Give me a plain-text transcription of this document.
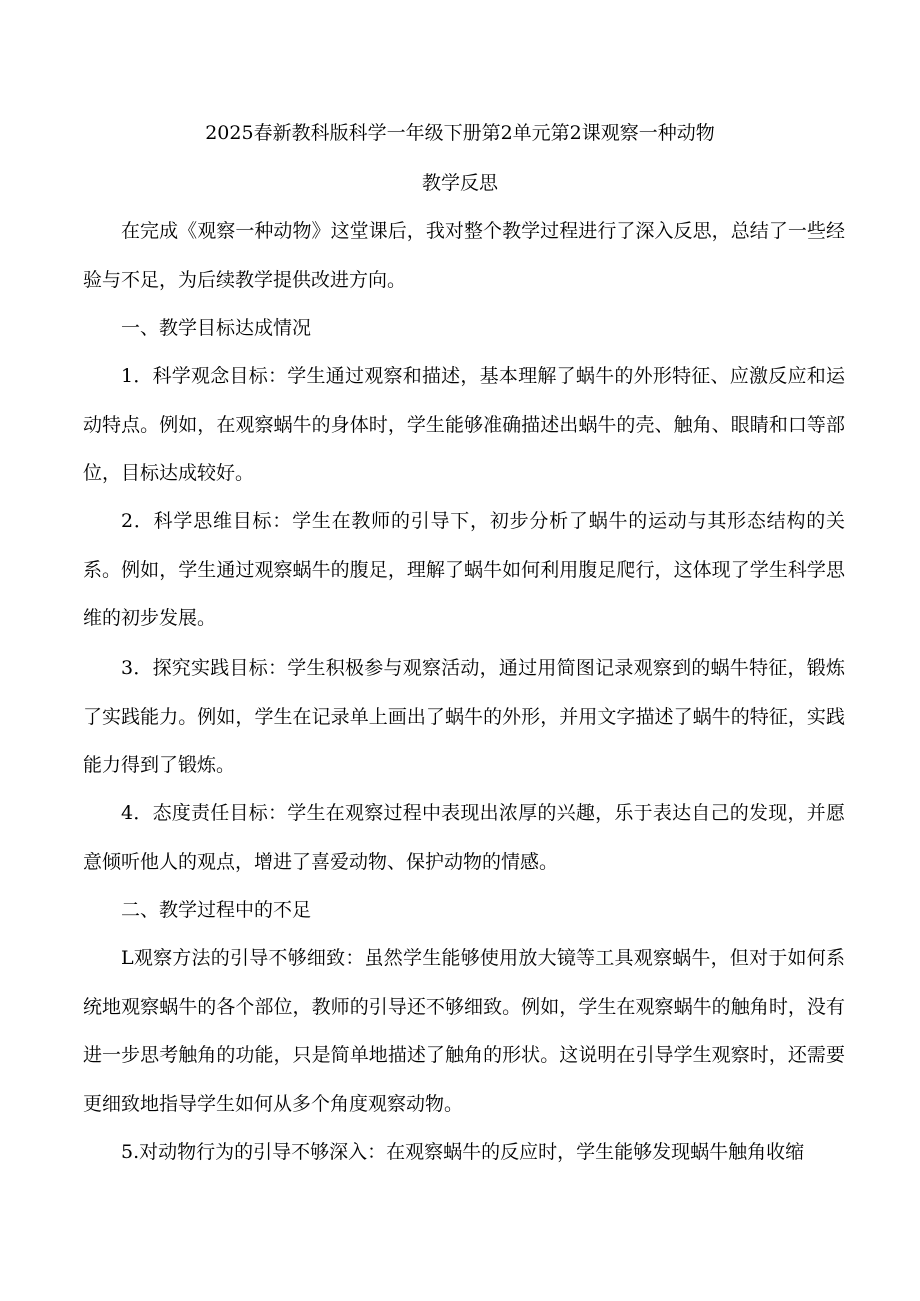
2025春新教科版科学一年级下册第2单元第2课观察一种动物
教学反思
在完成《观察一种动物》这堂课后，我对整个教学过程进行了深入反思，总结了一些经验与不足，为后续教学提供改进方向。
一、教学目标达成情况
1．科学观念目标：学生通过观察和描述，基本理解了蜗牛的外形特征、应激反应和运动特点。例如，在观察蜗牛的身体时，学生能够准确描述出蜗牛的壳、触角、眼睛和口等部位，目标达成较好。
2．科学思维目标：学生在教师的引导下，初步分析了蜗牛的运动与其形态结构的关系。例如，学生通过观察蜗牛的腹足，理解了蜗牛如何利用腹足爬行，这体现了学生科学思维的初步发展。
3．探究实践目标：学生积极参与观察活动，通过用简图记录观察到的蜗牛特征，锻炼了实践能力。例如，学生在记录单上画出了蜗牛的外形，并用文字描述了蜗牛的特征，实践能力得到了锻炼。
4．态度责任目标：学生在观察过程中表现出浓厚的兴趣，乐于表达自己的发现，并愿意倾听他人的观点，增进了喜爱动物、保护动物的情感。
二、教学过程中的不足
L观察方法的引导不够细致：虽然学生能够使用放大镜等工具观察蜗牛，但对于如何系统地观察蜗牛的各个部位，教师的引导还不够细致。例如，学生在观察蜗牛的触角时，没有进一步思考触角的功能，只是简单地描述了触角的形状。这说明在引导学生观察时，还需要更细致地指导学生如何从多个角度观察动物。
5.对动物行为的引导不够深入：在观察蜗牛的反应时，学生能够发现蜗牛触角收缩
